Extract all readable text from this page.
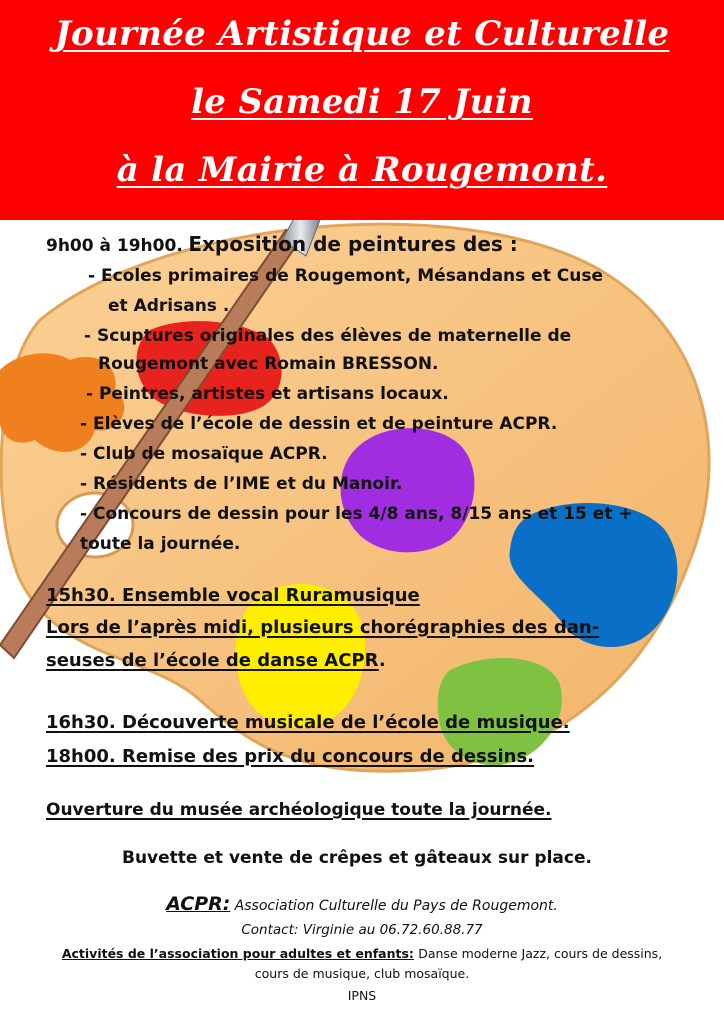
Journée Artistique et Culturelle
le Samedi 17 Juin
à la Mairie à Rougemont.
9h00 à 19h00. Exposition de peintures des :
- Ecoles primaires de Rougemont, Mésandans et Cuse
et Adrisans .
- Scuptures originales des élèves de maternelle de
Rougemont avec Romain BRESSON.
- Peintres, artistes et artisans locaux.
- Elèves de l’école de dessin et de peinture ACPR.
- Club de mosaïque ACPR.
- Résidents de l’IME et du Manoir.
- Concours de dessin pour les 4/8 ans, 8/15 ans et 15 et +
toute la journée.
15h30. Ensemble vocal Ruramusique
Lors de l’après midi, plusieurs chorégraphies des dan-
seuses de l’école de danse ACPR.
16h30. Découverte musicale de l’école de musique.
18h00. Remise des prix du concours de dessins.
Ouverture du musée archéologique toute la journée.
Buvette et vente de crêpes et gâteaux sur place.
ACPR: Association Culturelle du Pays de Rougemont.
Contact: Virginie au 06.72.60.88.77
Activités de l’association pour adultes et enfants: Danse moderne Jazz, cours de dessins,
cours de musique, club mosaïque.
IPNS
